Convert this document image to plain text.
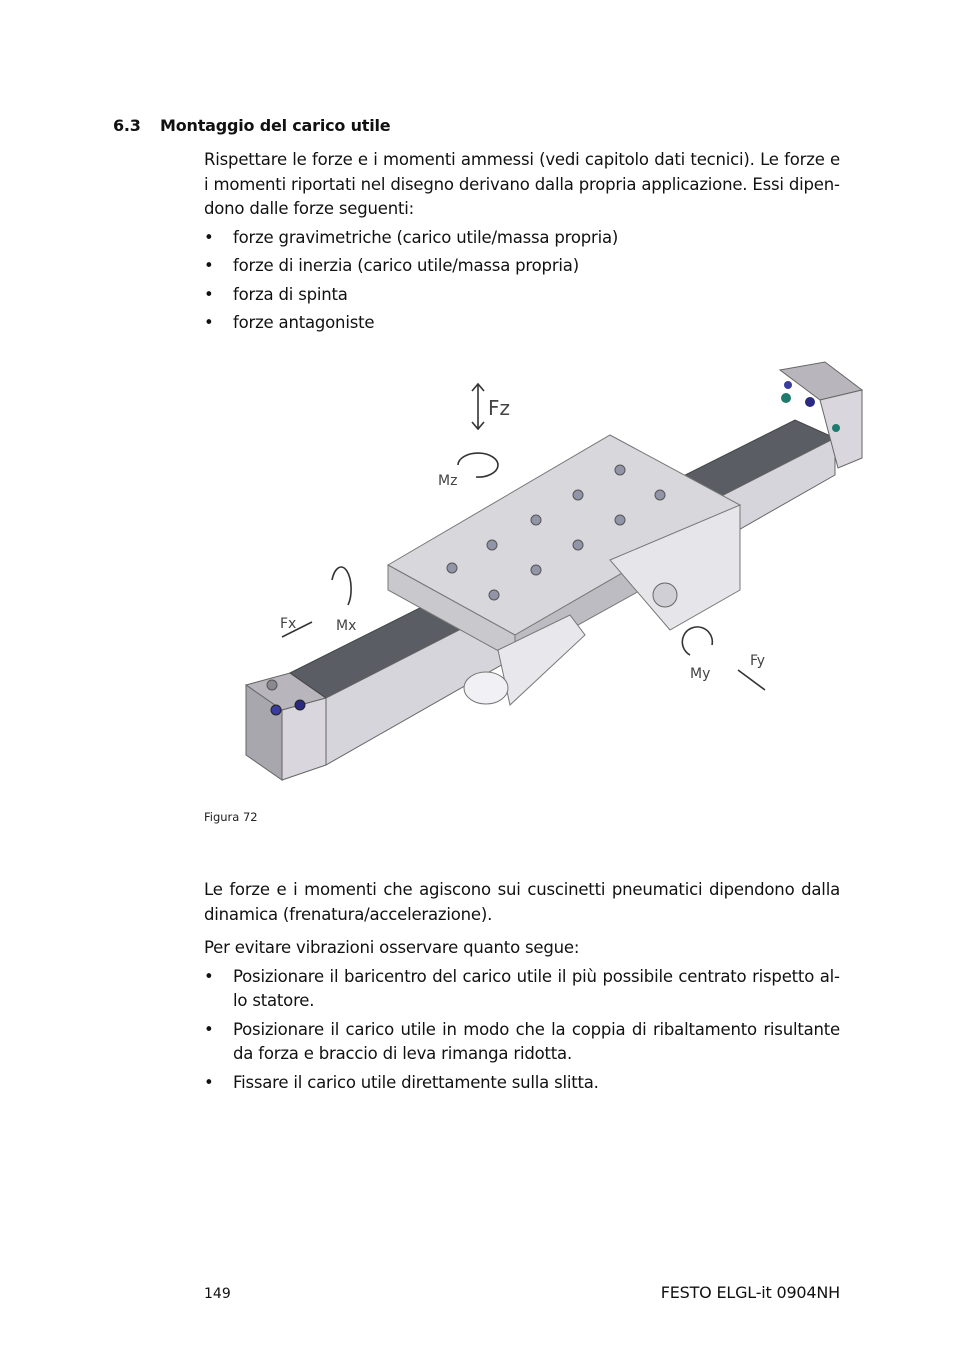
6.3 Montaggio del carico utile

Rispettare le forze e i momenti ammessi (vedi capitolo dati tecnici). Le forze e i momenti riportati nel disegno derivano dalla propria applicazione. Essi dipendono dalle forze seguenti:

• forze gravimetriche (carico utile/massa propria)
• forze di inerzia (carico utile/massa propria)
• forza di spinta
• forze antagoniste
Fz
Mz
Fx	Mx
My
Fy
Figura 72

Le forze e i momenti che agiscono sui cuscinetti pneumatici dipendono dalla dinamica (frenatura/accelerazione).

Per evitare vibrazioni osservare quanto segue:

• Posizionare il baricentro del carico utile il più possibile centrato rispetto allo statore.
• Posizionare il carico utile in modo che la coppia di ribaltamento risultante da forza e braccio di leva rimanga ridotta.
• Fissare il carico utile direttamente sulla slitta.
149	FESTO ELGL-it 0904NH
